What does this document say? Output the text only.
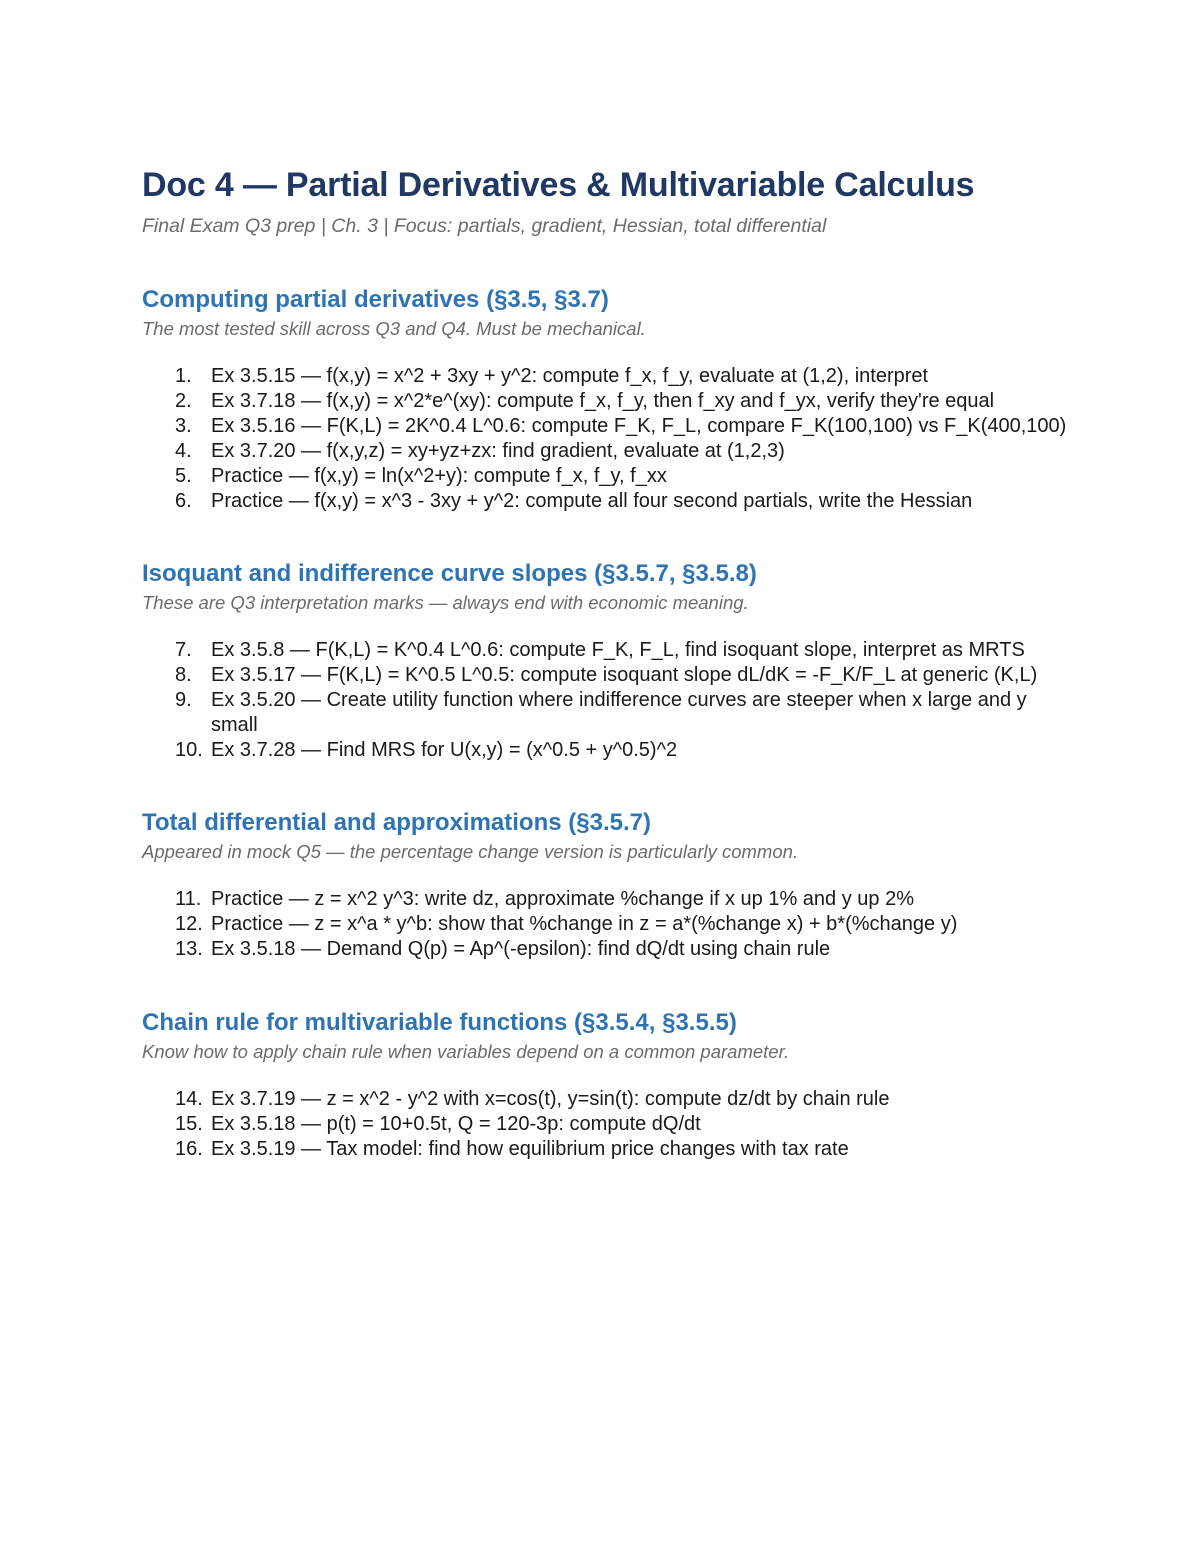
Doc 4 — Partial Derivatives & Multivariable Calculus

Final Exam Q3 prep | Ch. 3 | Focus: partials, gradient, Hessian, total differential

Computing partial derivatives (§3.5, §3.7)

The most tested skill across Q3 and Q4. Must be mechanical.

1. Ex 3.5.15 — f(x,y) = x^2 + 3xy + y^2: compute f_x, f_y, evaluate at (1,2), interpret
2. Ex 3.7.18 — f(x,y) = x^2*e^(xy): compute f_x, f_y, then f_xy and f_yx, verify they're equal
3. Ex 3.5.16 — F(K,L) = 2K^0.4 L^0.6: compute F_K, F_L, compare F_K(100,100) vs F_K(400,100)
4. Ex 3.7.20 — f(x,y,z) = xy+yz+zx: find gradient, evaluate at (1,2,3)
5. Practice — f(x,y) = ln(x^2+y): compute f_x, f_y, f_xx
6. Practice — f(x,y) = x^3 - 3xy + y^2: compute all four second partials, write the Hessian
Isoquant and indifference curve slopes (§3.5.7, §3.5.8)

These are Q3 interpretation marks — always end with economic meaning.

7. Ex 3.5.8 — F(K,L) = K^0.4 L^0.6: compute F_K, F_L, find isoquant slope, interpret as MRTS
8. Ex 3.5.17 — F(K,L) = K^0.5 L^0.5: compute isoquant slope dL/dK = -F_K/F_L at generic (K,L)
9. Ex 3.5.20 — Create utility function where indifference curves are steeper when x large and y small
10. Ex 3.7.28 — Find MRS for U(x,y) = (x^0.5 + y^0.5)^2
Total differential and approximations (§3.5.7)

Appeared in mock Q5 — the percentage change version is particularly common.

11. Practice — z = x^2 y^3: write dz, approximate %change if x up 1% and y up 2%
12. Practice — z = x^a * y^b: show that %change in z = a*(%change x) + b*(%change y)
13. Ex 3.5.18 — Demand Q(p) = Ap^(-epsilon): find dQ/dt using chain rule
Chain rule for multivariable functions (§3.5.4, §3.5.5)

Know how to apply chain rule when variables depend on a common parameter.

14. Ex 3.7.19 — z = x^2 - y^2 with x=cos(t), y=sin(t): compute dz/dt by chain rule
15. Ex 3.5.18 — p(t) = 10+0.5t, Q = 120-3p: compute dQ/dt
16. Ex 3.5.19 — Tax model: find how equilibrium price changes with tax rate
